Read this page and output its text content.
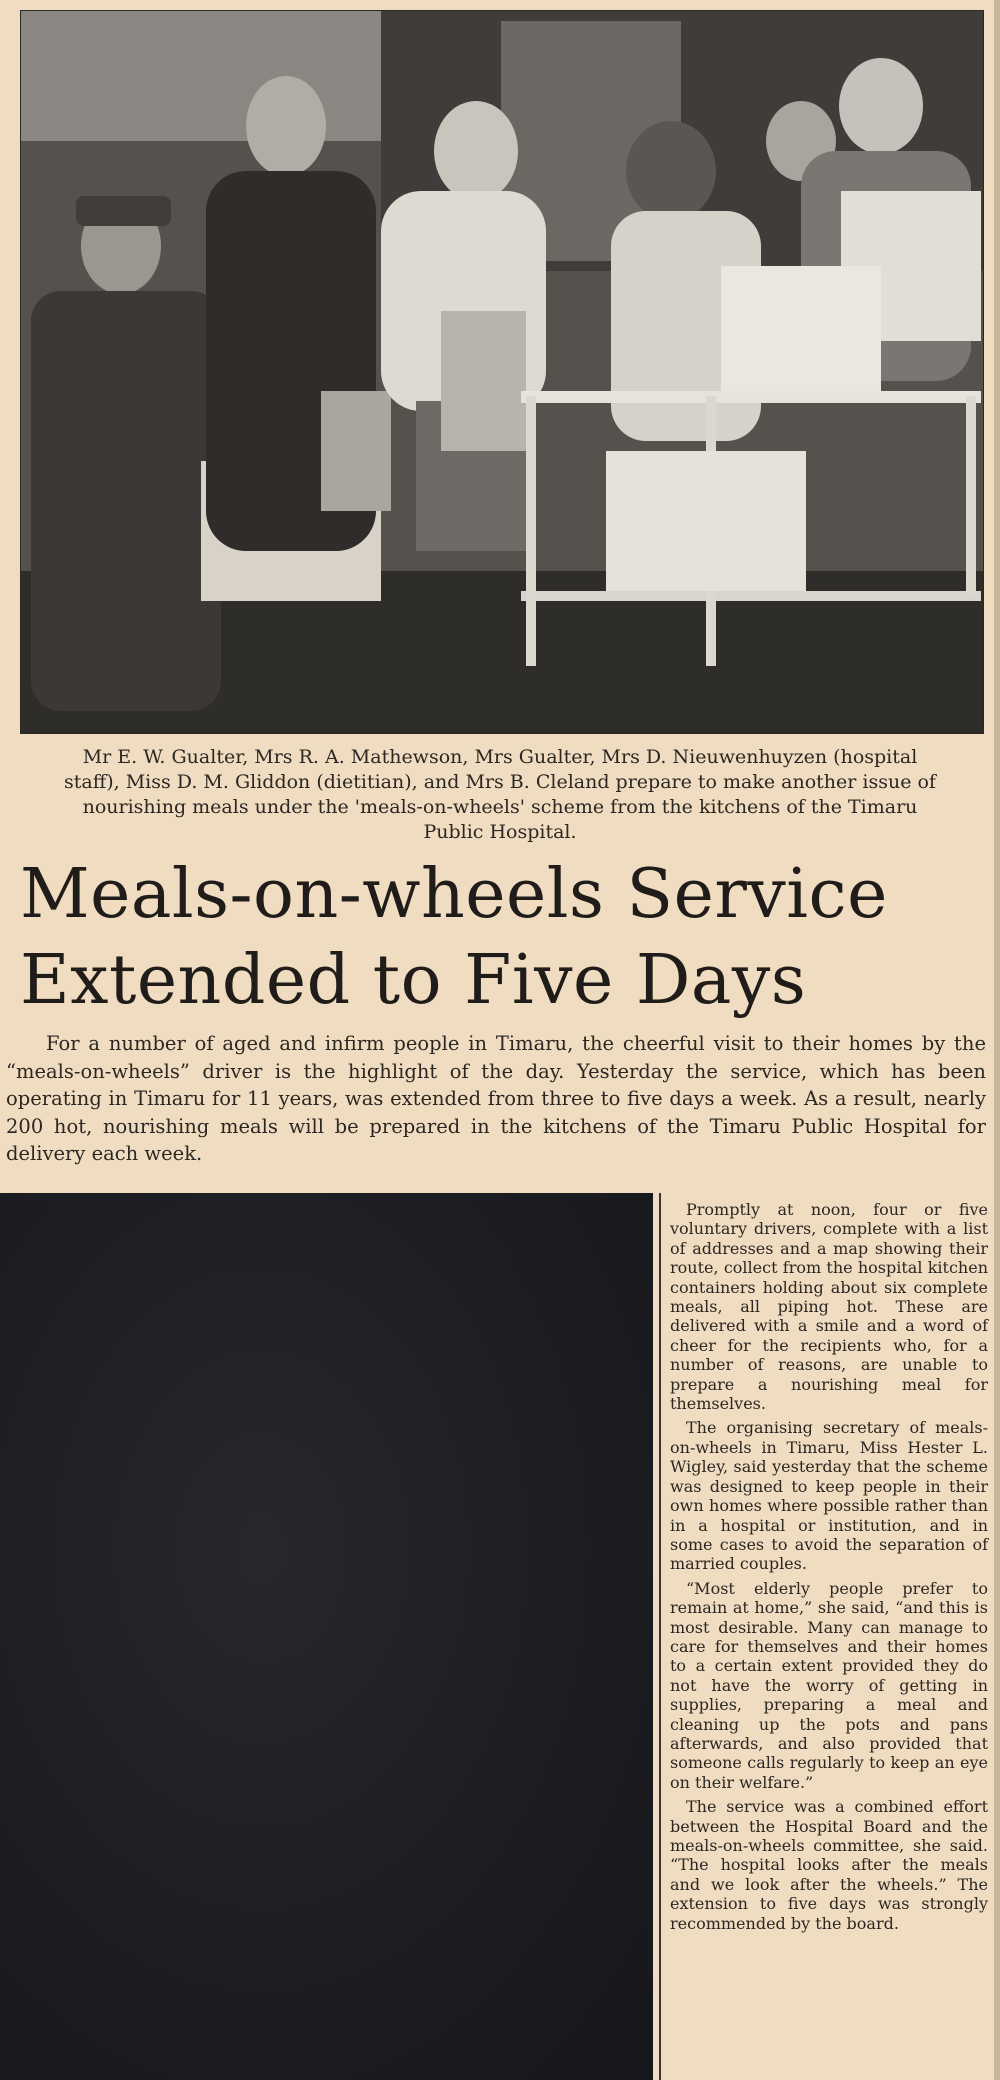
Mr E. W. Gualter, Mrs R. A. Mathewson, Mrs Gualter, Mrs D. Nieuwenhuyzen (hospital staff), Miss D. M. Gliddon (dietitian), and Mrs B. Cleland prepare to make another issue of nourishing meals under the 'meals-on-wheels' scheme from the kitchens of the Timaru Public Hospital.

Meals-on-wheels Service
Extended to Five Days

For a number of aged and infirm people in Timaru, the cheerful visit to their homes by the “meals-on-wheels” driver is the highlight of the day. Yesterday the service, which has been operating in Timaru for 11 years, was extended from three to five days a week. As a result, nearly 200 hot, nourishing meals will be prepared in the kitchens of the Timaru Public Hospital for delivery each week.

Promptly at noon, four or five voluntary drivers, complete with a list of addresses and a map showing their route, collect from the hospital kitchen containers holding about six complete meals, all piping hot. These are delivered with a smile and a word of cheer for the recipients who, for a number of reasons, are unable to prepare a nourishing meal for themselves.

The organising secretary of meals-on-wheels in Timaru, Miss Hester L. Wigley, said yesterday that the scheme was designed to keep people in their own homes where possible rather than in a hospital or institution, and in some cases to avoid the separation of married couples.

“Most elderly people prefer to remain at home,” she said, “and this is most desirable. Many can manage to care for themselves and their homes to a certain extent provided they do not have the worry of getting in supplies, preparing a meal and cleaning up the pots and pans afterwards, and also provided that someone calls regularly to keep an eye on their welfare.”

The service was a combined effort between the Hospital Board and the meals-on-wheels committee, she said. “The hospital looks after the meals and we look after the wheels.” The extension to five days was strongly recommended by the board.
